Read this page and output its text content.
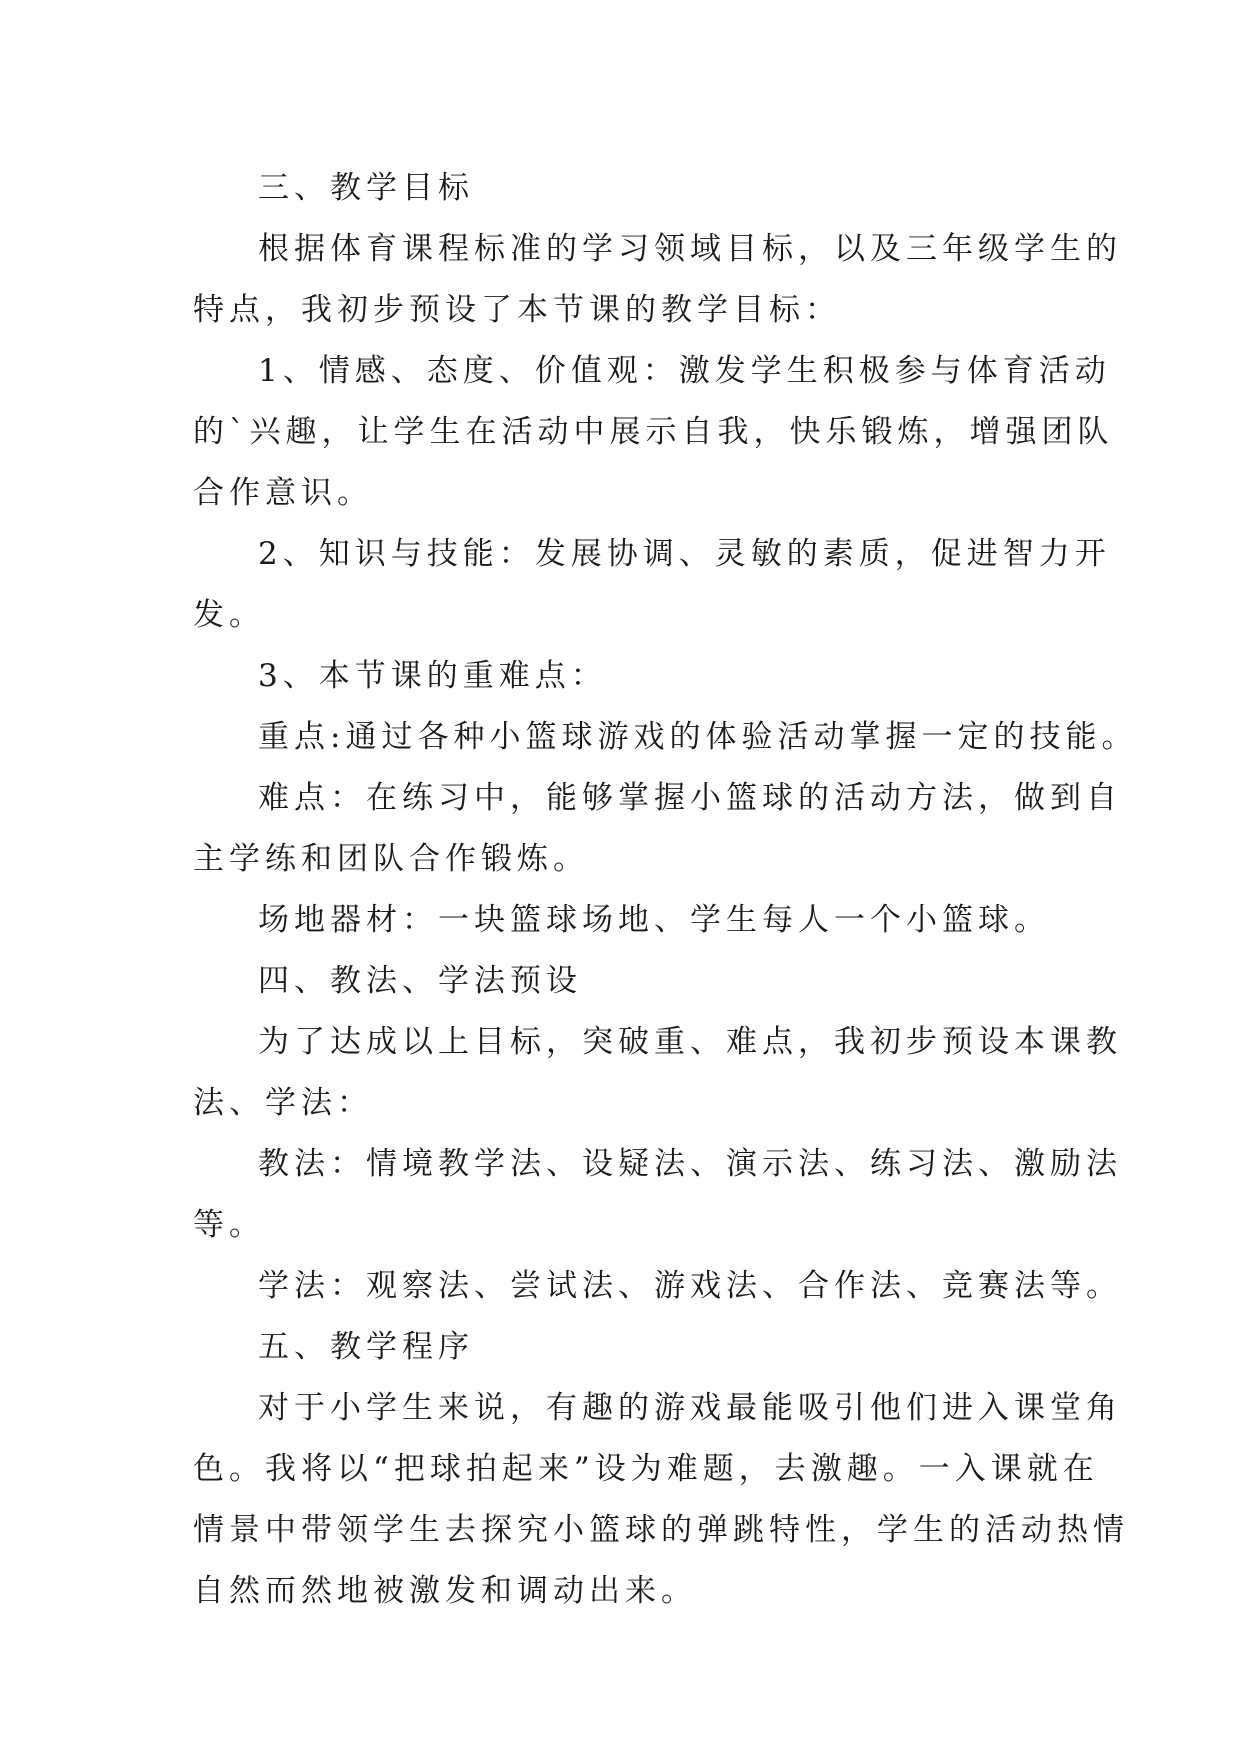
三、教学目标
根据体育课程标准的学习领域目标，以及三年级学生的
特点，我初步预设了本节课的教学目标：
1、情感、态度、价值观：激发学生积极参与体育活动
的`兴趣，让学生在活动中展示自我，快乐锻炼，增强团队
合作意识。
2、知识与技能：发展协调、灵敏的素质，促进智力开
发。
3、本节课的重难点：
重点:通过各种小篮球游戏的体验活动掌握一定的技能。
难点：在练习中，能够掌握小篮球的活动方法，做到自
主学练和团队合作锻炼。
场地器材：一块篮球场地、学生每人一个小篮球。
四、教法、学法预设
为了达成以上目标，突破重、难点，我初步预设本课教
法、学法：
教法：情境教学法、设疑法、演示法、练习法、激励法
等。
学法：观察法、尝试法、游戏法、合作法、竞赛法等。
五、教学程序
对于小学生来说，有趣的游戏最能吸引他们进入课堂角
色。我将以“把球拍起来”设为难题，去激趣。一入课就在
情景中带领学生去探究小篮球的弹跳特性，学生的活动热情
自然而然地被激发和调动出来。
